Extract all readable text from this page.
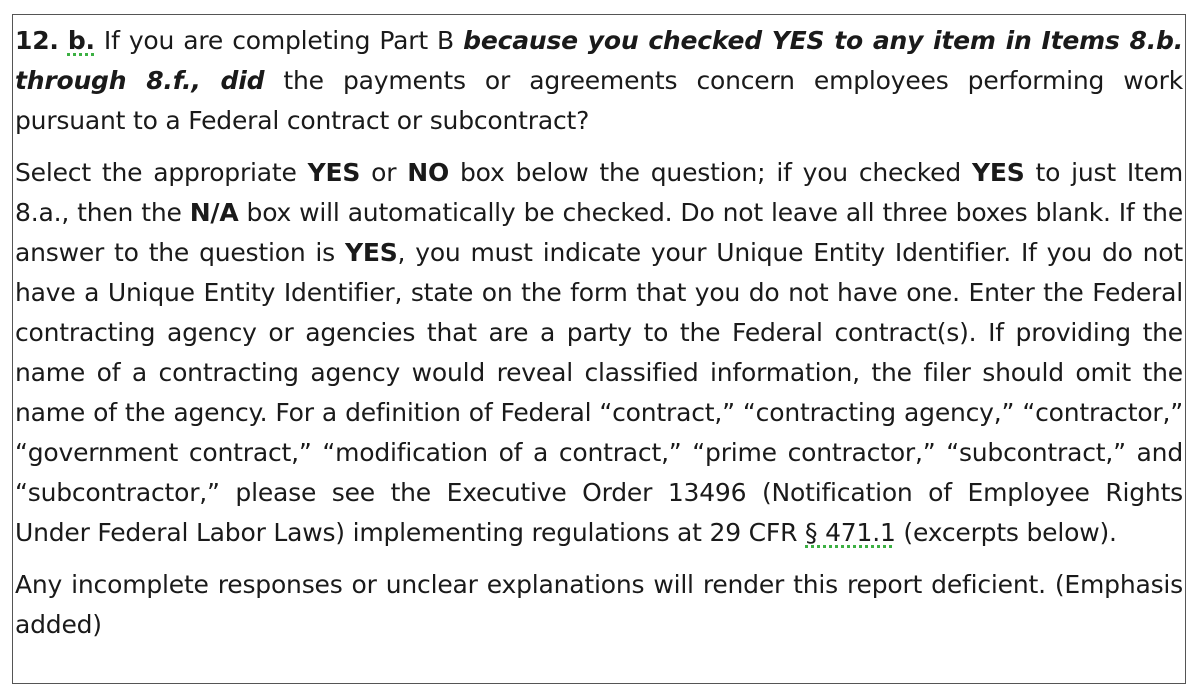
12. b. If you are completing Part B because you checked YES to any item in Items 8.b. through 8.f., did the payments or agreements concern employees performing work pursuant to a Federal contract or subcontract?

Select the appropriate YES or NO box below the question; if you checked YES to just Item 8.a., then the N/A box will automatically be checked. Do not leave all three boxes blank. If the answer to the question is YES, you must indicate your Unique Entity Identifier. If you do not have a Unique Entity Identifier, state on the form that you do not have one. Enter the Federal contracting agency or agencies that are a party to the Federal contract(s). If providing the name of a contracting agency would reveal classified information, the filer should omit the name of the agency. For a definition of Federal “contract,” “contracting agency,” “contractor,” “government contract,” “modification of a contract,” “prime contractor,” “subcontract,” and “subcontractor,” please see the Executive Order 13496 (Notification of Employee Rights Under Federal Labor Laws) implementing regulations at 29 CFR § 471.1 (excerpts below).

Any incomplete responses or unclear explanations will render this report deficient. (Emphasis added)
